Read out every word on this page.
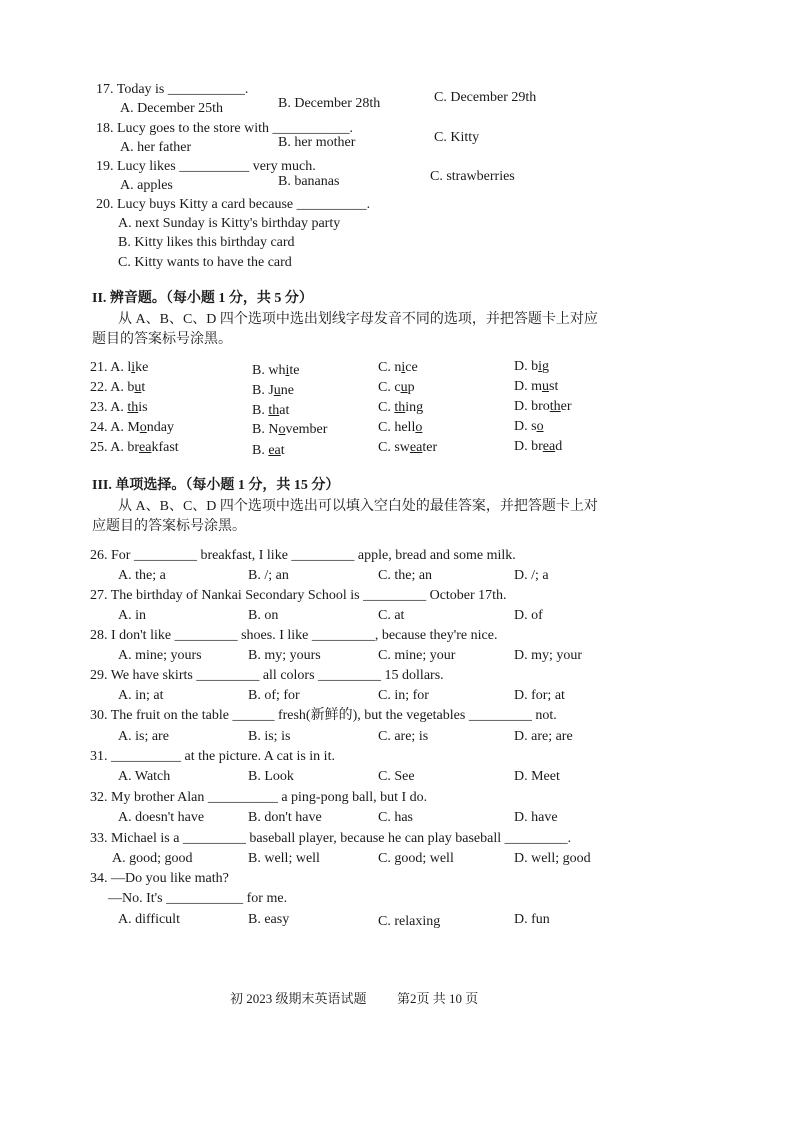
17. Today is ___________.
A. December 25th	B. December 28th	C. December 29th
18. Lucy goes to the store with ___________.
A. her father	B. her mother	C. Kitty
19. Lucy likes __________ very much.
A. apples	B. bananas	C. strawberries
20. Lucy buys Kitty a card because __________.
A. next Sunday is Kitty's birthday party
B. Kitty likes this birthday card
C. Kitty wants to have the card
II. 辨音题。（每小题 1 分，共 5 分）
从 A、B、C、D 四个选项中选出划线字母发音不同的选项，并把答题卡上对应
题目的答案标号涂黑。
21. A. like	B. white	C. nice	D. big
22. A. but	B. June	C. cup	D. must
23. A. this	B. that	C. thing	D. brother
24. A. Monday	B. November	C. hello	D. so
25. A. breakfast	B. eat	C. sweater	D. bread
III. 单项选择。（每小题 1 分，共 15 分）
从 A、B、C、D 四个选项中选出可以填入空白处的最佳答案，并把答题卡上对
应题目的答案标号涂黑。
26. For _________ breakfast, I like _________ apple, bread and some milk.
A. the; a	B. /; an	C. the; an	D. /; a
27. The birthday of Nankai Secondary School is _________ October 17th.
A. in	B. on	C. at	D. of
28. I don't like _________ shoes. I like _________, because they're nice.
A. mine; yours	B. my; yours	C. mine; your	D. my; your
29. We have skirts _________ all colors _________ 15 dollars.
A. in; at	B. of; for	C. in; for	D. for; at
30. The fruit on the table ______ fresh(新鲜的), but the vegetables _________ not.
A. is; are	B. is; is	C. are; is	D. are; are
31. __________ at the picture. A cat is in it.
A. Watch	B. Look	C. See	D. Meet
32. My brother Alan __________ a ping-pong ball, but I do.
A. doesn't have	B. don't have	C. has	D. have
33. Michael is a _________ baseball player, because he can play baseball _________.
A. good; good	B. well; well	C. good; well	D. well; good
34. —Do you like math?
—No. It's ___________ for me.
A. difficult	B. easy	C. relaxing	D. fun
初 2023 级期末英语试题 第2页 共 10 页
